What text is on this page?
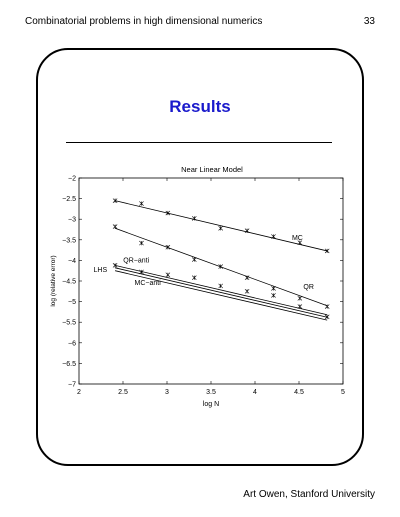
Combinatorial problems in high dimensional numerics	33
Results
Near Linear Model
2	2.5	3	3.5	4	4.5	5
−2
−2.5
−3
−3.5
−4
−4.5
−5
−5.5
−6
−6.5
−7
MC
QR
QR−anti
LHS
MC−anti
log N
log (relative error)
Art Owen, Stanford University
